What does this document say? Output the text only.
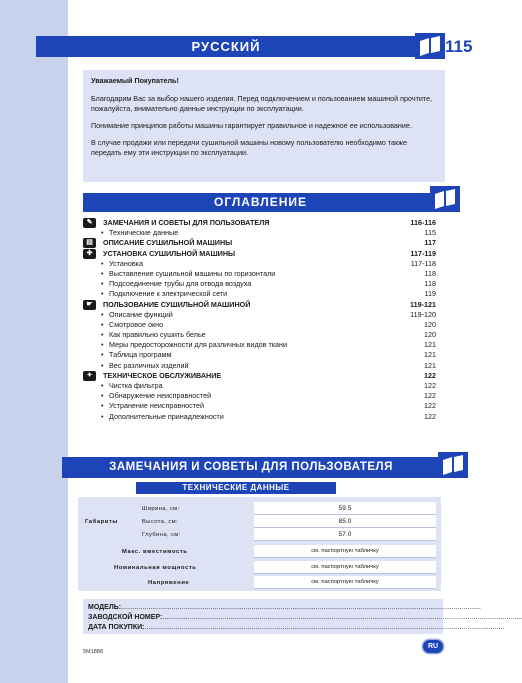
РУССКИЙ	115

Уважаемый Покупатель!

Благодарим Вас за выбор нашего изделия. Перед подключением и пользованием машиной прочтите, пожалуйста, внимательно данные инструкции по эксплуатации.

Понимание принципов работы машины гарантирует правильное и надежное ее использование.

В случае продажи или передачи сушильной машины новому пользователю необходимо также передать ему эти инструкции по эксплуатации.

ОГЛАВЛЕНИЕ
✎	ЗАМЕЧАНИЯ И СОВЕТЫ ДЛЯ ПОЛЬЗОВАТЕЛЯ	116-116
• Технические данные	115
▤	ОПИСАНИЕ СУШИЛЬНОЙ МАШИНЫ	117
✚	УСТАНОВКА СУШИЛЬНОЙ МАШИНЫ	117-119
• Установка	117-118
• Выставление сушильной машины по горизонтали	118
• Подсоединение трубы для отвода воздуха	118
• Подключение к электрической сети	119
☛	ПОЛЬЗОВАНИЕ СУШИЛЬНОЙ МАШИНОЙ	119-121
• Описание функций	119-120
• Смотровое окно	120
• Как правильно сушить белье	120
• Меры предосторожности для различных видов ткани	121
• Таблица программ	121
• Вес различных изделий	121
✦	ТЕХНИЧЕСКОЕ ОБСЛУЖИВАНИЕ	122
• Чистка фильтра	122
• Обнаружение неисправностей	122
• Устранение неисправностей	122
• Дополнительные принадлежности	122
ЗАМЕЧАНИЯ И СОВЕТЫ ДЛЯ ПОЛЬЗОВАТЕЛЯ
ТЕХНИЧЕСКИЕ ДАННЫЕ
Габариты
Ширина, см:	59.5
Высота, см:	85.0
Глубина, см:	57.0
Макс. вместимость	см. паспортную табличку
Номинальная мощность	см. паспортную табличку
Напряжение	см. паспортную табличку
МОДЕЛЬ:.........................................................................................................................................................................................
ЗАВОДСКОЙ НОМЕР:.........................................................................................................................................................................................
ДАТА ПОКУПКИ:.........................................................................................................................................................................................
RU
5M1888
